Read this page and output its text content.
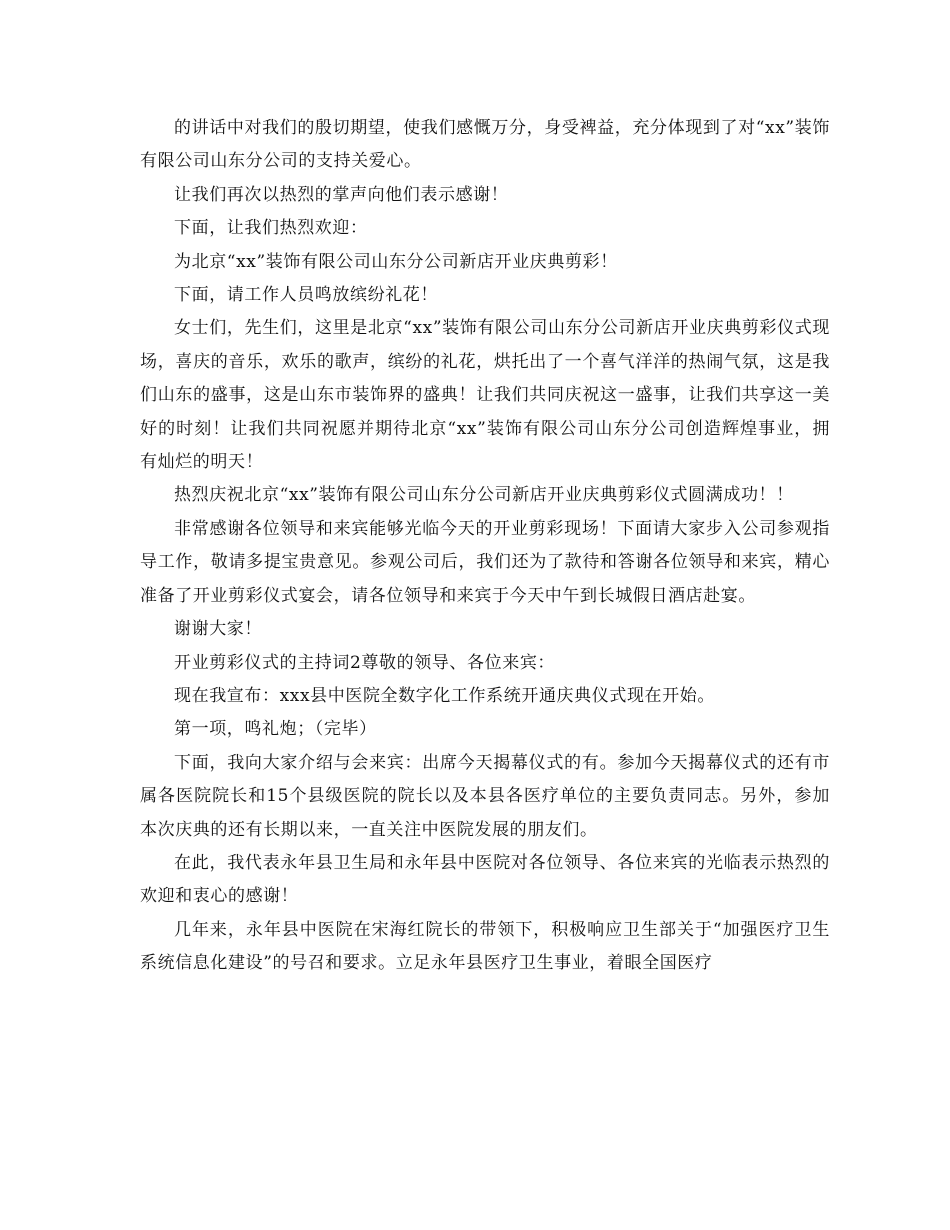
的讲话中对我们的殷切期望，使我们感慨万分，身受裨益，充分体现到了对“xx”装饰有限公司山东分公司的支持关爱心。

让我们再次以热烈的掌声向他们表示感谢！

下面，让我们热烈欢迎：

为北京“xx”装饰有限公司山东分公司新店开业庆典剪彩！

下面，请工作人员鸣放缤纷礼花！

女士们，先生们，这里是北京“xx”装饰有限公司山东分公司新店开业庆典剪彩仪式现场，喜庆的音乐，欢乐的歌声，缤纷的礼花，烘托出了一个喜气洋洋的热闹气氛，这是我们山东的盛事，这是山东市装饰界的盛典！让我们共同庆祝这一盛事，让我们共享这一美好的时刻！让我们共同祝愿并期待北京“xx”装饰有限公司山东分公司创造辉煌事业，拥有灿烂的明天！

热烈庆祝北京“xx”装饰有限公司山东分公司新店开业庆典剪彩仪式圆满成功！！

非常感谢各位领导和来宾能够光临今天的开业剪彩现场！下面请大家步入公司参观指导工作，敬请多提宝贵意见。参观公司后，我们还为了款待和答谢各位领导和来宾，精心准备了开业剪彩仪式宴会，请各位领导和来宾于今天中午到长城假日酒店赴宴。

谢谢大家！

开业剪彩仪式的主持词2尊敬的领导、各位来宾：

现在我宣布：xxx县中医院全数字化工作系统开通庆典仪式现在开始。

第一项，鸣礼炮；（完毕）

下面，我向大家介绍与会来宾：出席今天揭幕仪式的有。参加今天揭幕仪式的还有市属各医院院长和15个县级医院的院长以及本县各医疗单位的主要负责同志。另外，参加本次庆典的还有长期以来，一直关注中医院发展的朋友们。

在此，我代表永年县卫生局和永年县中医院对各位领导、各位来宾的光临表示热烈的欢迎和衷心的感谢！

几年来，永年县中医院在宋海红院长的带领下，积极响应卫生部关于“加强医疗卫生系统信息化建设”的号召和要求。立足永年县医疗卫生事业，着眼全国医疗
